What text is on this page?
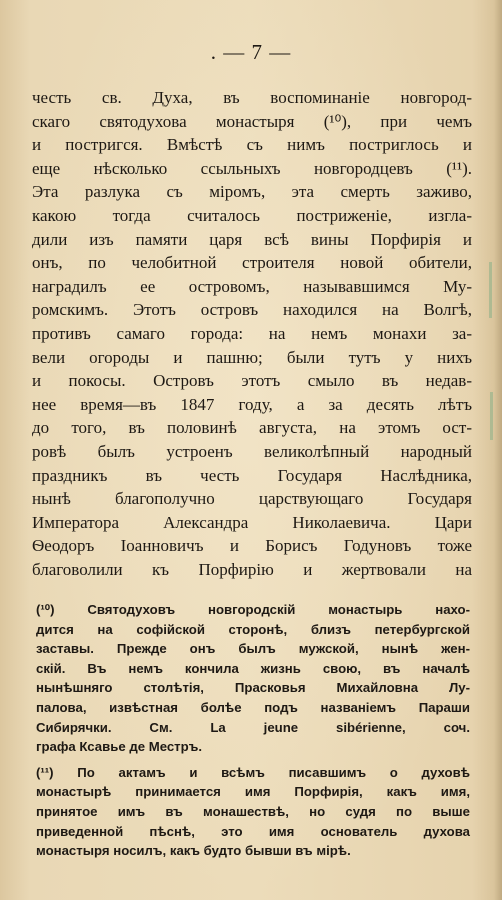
. — 7 —
честь св. Духа, въ воспоминаніе новгород-
скаго святодухова монастыря (¹⁰), при чемъ
и постригся. Вмѣстѣ съ нимъ постриглось и
еще нѣсколько ссыльныхъ новгородцевъ (¹¹).
Эта разлука съ міромъ, эта смерть заживо,
какою тогда считалось постриженіе, изгла-
дили изъ памяти царя всѣ вины Порфирія и
онъ, по челобитной строителя новой обители,
наградилъ ее островомъ, называвшимся Му-
ромскимъ. Этотъ островъ находился на Волгѣ,
противъ самаго города: на немъ монахи за-
вели огороды и пашню; были тутъ у нихъ
и покосы. Островъ этотъ смыло въ недав-
нее время—въ 1847 году, а за десять лѣтъ
до того, въ половинѣ августа, на этомъ ост-
ровѣ былъ устроенъ великолѣпный народный
праздникъ въ честь Государя Наслѣдника,
нынѣ благополучно царствующаго Государя
Императора Александра Николаевича. Цари
Ѳеодоръ Іоанновичъ и Борисъ Годуновъ тоже
благоволили къ Порфирію и жертвовали на
(¹⁰) Святодуховъ новгородскій монастырь нахо-
дится на софійской сторонѣ, близъ петербургской
заставы. Прежде онъ былъ мужской, нынѣ жен-
скій. Въ немъ кончила жизнь свою, въ началѣ
нынѣшняго столѣтія, Прасковья Михайловна Лу-
палова, извѣстная болѣе подъ названіемъ Параши
Сибирячки. См. La jeune sibérienne, соч.
графа Ксавье де Местръ.
(¹¹) По актамъ и всѣмъ писавшимъ о духовѣ
монастырѣ принимается имя Порфирія, какъ имя,
принятое имъ въ монашествѣ, но судя по выше
приведенной пѣснѣ, это имя основатель духова
монастыря носилъ, какъ будто бывши въ мірѣ.
